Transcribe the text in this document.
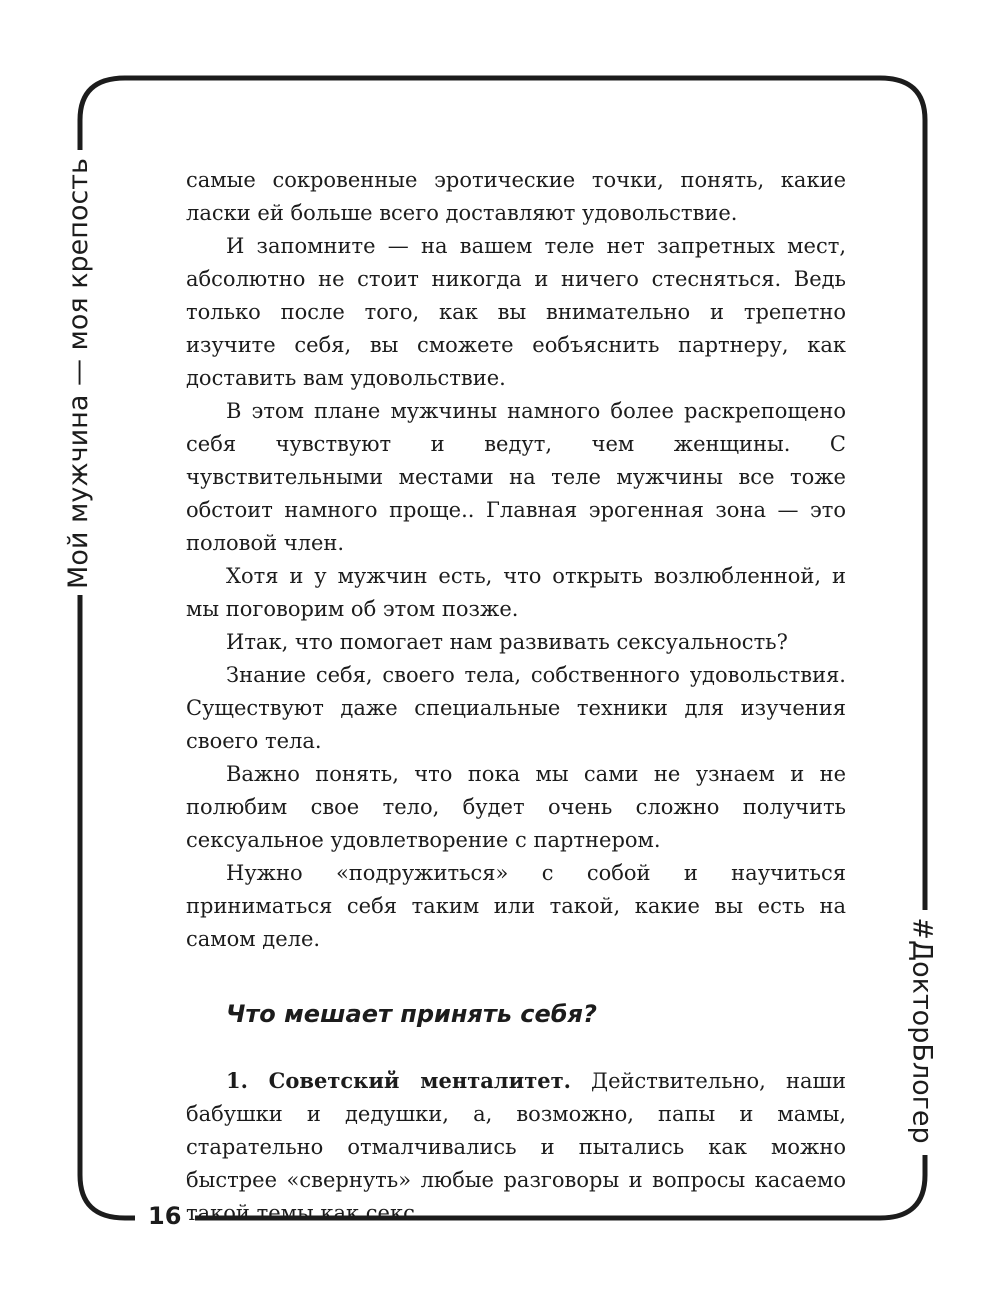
Мой мужчина — моя крепость
#ДокторБлогер

самые сокровенные эротические точки, понять, какие ласки ей больше всего доставляют удовольствие.

И запомните — на вашем теле нет запретных мест, абсолютно не стоит никогда и ничего стесняться. Ведь только после того, как вы внимательно и трепетно изучите себя, вы сможете еобъяснить партнеру, как доставить вам удовольствие.

В этом плане мужчины намного более раскрепощено себя чувствуют и ведут, чем женщины. С чувствительными местами на теле мужчины все тоже обстоит намного проще.. Главная эрогенная зона — это половой член.

Хотя и у мужчин есть, что открыть возлюбленной, и мы поговорим об этом позже.

Итак, что помогает нам развивать сексуальность?

Знание себя, своего тела, собственного удовольствия. Существуют даже специальные техники для изучения своего тела.

Важно понять, что пока мы сами не узнаем и не полюбим свое тело, будет очень сложно получить сексуальное удовлетворение с партнером.

Нужно «подружиться» с собой и научиться приниматься себя таким или такой, какие вы есть на самом деле.

Что мешает принять себя?

1. Советский менталитет. Действительно, наши бабушки и дедушки, а, возможно, папы и мамы, старательно отмалчивались и пытались как можно быстрее «свернуть» любые разговоры и вопросы касаемо такой темы как секс.

16
